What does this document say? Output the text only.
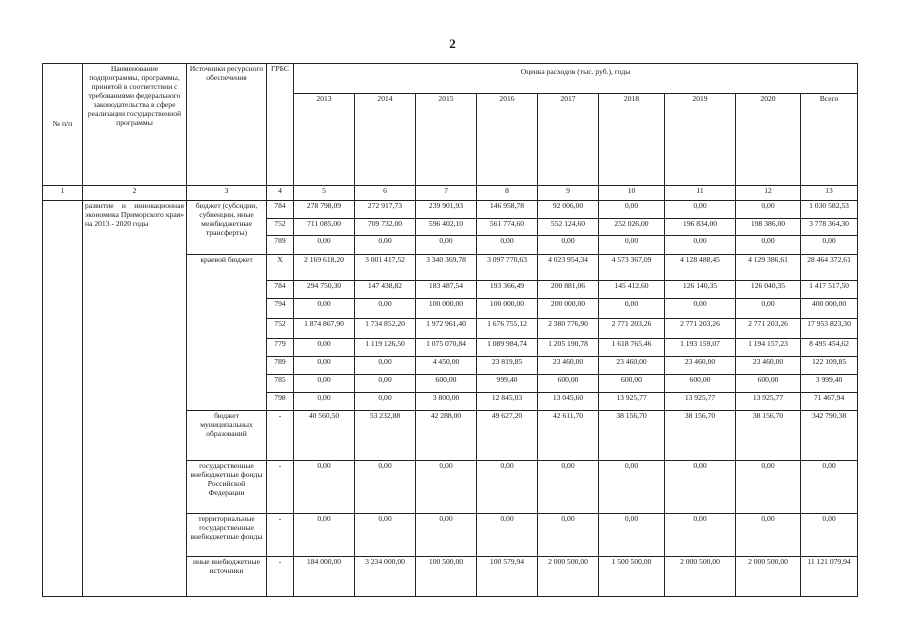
2
№ п/п	Наименование подпрограммы, программы, принятой в соответствии с требованиями федерального законодательства в сфере реализации государственной программы	Источники ресурсного обеспечения	ГРБС	Оценка расходов (тыс. руб.), годы								
				2013	2014	2015	2016	2017	2018	2019	2020	Всего
1	2	3	4	5	6	7	8	9	10	11	12	13
	развитие и инновационная экономика Приморского края» на 2013 - 2020 годы	бюджет (субсидии, субвенции, иные межбюджетные трансферты)	784	278 798,09	272 917,73	239 901,93	146 958,78	92 006,00	0,00	0,00	0,00	1 030 582,53
			752	711 085,00	709 732,00	596 402,10	561 774,60	552 124,60	252 026,00	196 834,00	198 386,00	3 778 364,30
			789	0,00	0,00	0,00	0,00	0,00	0,00	0,00	0,00	0,00
		краевой бюджет	X	2 169 618,20	3 001 417,52	3 340 369,78	3 097 770,63	4 023 954,34	4 573 367,09	4 128 488,45	4 129 386,61	28 464 372,61
			784	294 750,30	147 438,82	183 487,54	193 366,49	200 881,06	145 412,60	126 140,35	126 040,35	1 417 517,50
			794	0,00	0,00	100 000,00	100 000,00	200 000,00	0,00	0,00	0,00	400 000,00
			752	1 874 867,90	1 734 852,20	1 972 961,40	1 676 755,12	2 380 776,90	2 771 203,26	2 771 203,26	2 771 203,26	17 953 823,30
			779	0,00	1 119 126,50	1 075 070,84	1 089 984,74	1 205 190,78	1 618 765,46	1 193 159,07	1 194 157,23	8 495 454,62
			789	0,00	0,00	4 450,00	23 819,85	23 460,00	23 460,00	23 460,00	23 460,00	122 109,85
			785	0,00	0,00	600,00	999,40	600,00	600,00	600,00	600,00	3 999,40
			798	0,00	0,00	3 800,00	12 845,03	13 045,60	13 925,77	13 925,77	13 925,77	71 467,94
		бюджет муниципальных образований	-	40 560,50	53 232,88	42 288,00	49 627,20	42 611,70	38 156,70	38 156,70	38 156,70	342 790,38
		государственные внебюджетные фонды Российской Федерации	-	0,00	0,00	0,00	0,00	0,00	0,00	0,00	0,00	0,00
		территориальные государственные внебюджетные фонды	-	0,00	0,00	0,00	0,00	0,00	0,00	0,00	0,00	0,00
		иные внебюджетные источники	-	184 000,00	3 234 000,00	100 500,00	100 579,94	2 000 500,00	1 500 500,00	2 000 500,00	2 000 500,00	11 121 079,94
